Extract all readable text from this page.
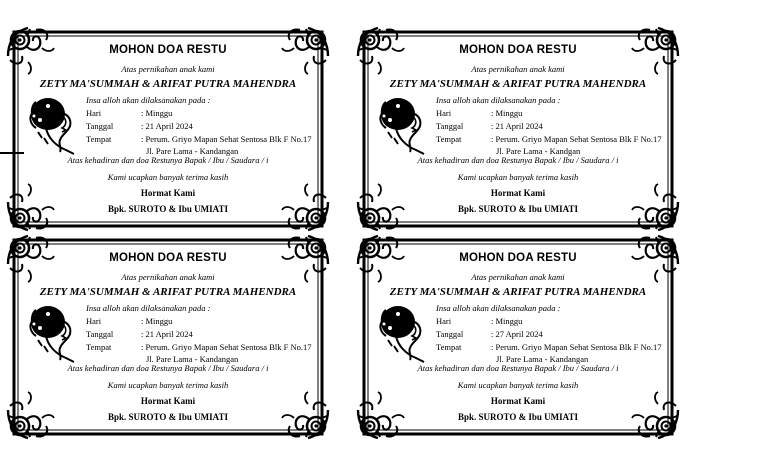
MOHON DOA RESTU
Atas pernikahan anak kami
ZETY MA'SUMMAH & ARIFAT PUTRA MAHENDRA
Insa alloh akan dilaksanakan pada :
Hari	: Minggu
Tanggal	: 21 April 2024
Tempat	: Perum. Griyo Mapan Sehat Sentosa Blk F No.17
Jl. Pare Lama - Kandangan
Atas kehadiran dan doa Restunya Bapak / Ibu / Saudara / i
Kami ucapkan banyak terima kasih
Hormat Kami
Bpk. SUROTO & Ibu UMIATI
MOHON DOA RESTU
Atas pernikahan anak kami
ZETY MA'SUMMAH & ARIFAT PUTRA MAHENDRA
Insa alloh akan dilaksanakan pada :
Hari	: Minggu
Tanggal	: 21 April 2024
Tempat	: Perum. Griyo Mapan Sehat Sentosa Blk F No.17
Jl. Pare Lama - Kandgan
Atas kehadiran dan doa Restunya Bapak / Ibu / Saudara / i
Kami ucapkan banyak terima kasih
Hormat Kami
Bpk. SUROTO & Ibu UMIATI
MOHON DOA RESTU
Atas pernikahan anak kami
ZETY MA'SUMMAH & ARIFAT PUTRA MAHENDRA
Insa alloh akan dilaksanakan pada :
Hari	: Minggu
Tanggal	: 21 April 2024
Tempat	: Perum. Griyo Mapan Sehat Sentosa Blk F No.17
Jl. Pare Lama - Kandangan
Atas kehadiran dan doa Restunya Bapak / Ibu / Saudara / i
Kami ucapkan banyak terima kasih
Hormat Kami
Bpk. SUROTO & Ibu UMIATI
MOHON DOA RESTU
Atas pernikahan anak kami
ZETY MA'SUMMAH & ARIFAT PUTRA MAHENDRA
Insa alloh akan dilaksanakan pada :
Hari	: Minggu
Tanggal	: 27 April 2024
Tempat	: Perum. Griyo Mapan Sehat Sentosa Blk F No.17
Jl. Pare Lama - Kandangan
Atas kehadiran dan doa Restunya Bapak / Ibu / Saudara / i
Kami ucapkan banyak terima kasih
Hormat Kami
Bpk. SUROTO & Ibu UMIATI
